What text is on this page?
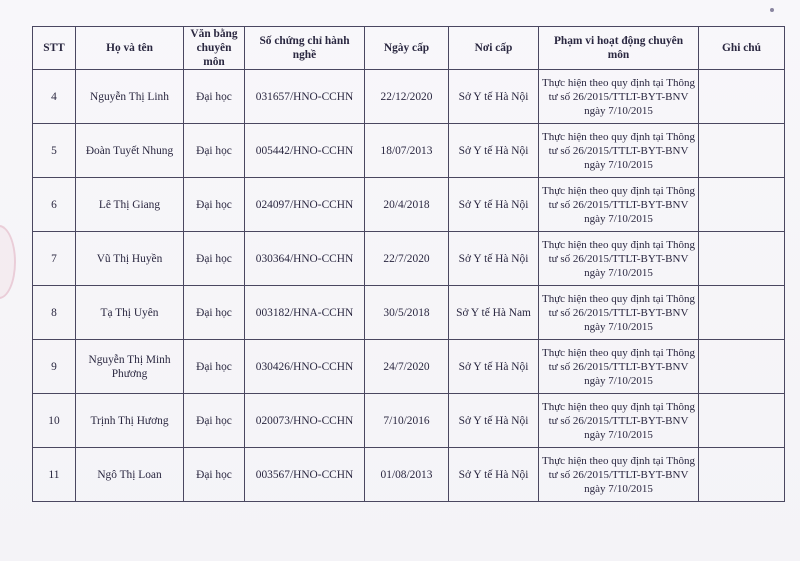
STT	Họ và tên	Văn bằng chuyên môn	Số chứng chỉ hành nghề	Ngày cấp	Nơi cấp	Phạm vi hoạt động chuyên môn	Ghi chú
4	Nguyễn Thị Linh	Đại học	031657/HNO-CCHN	22/12/2020	Sở Y tế Hà Nội	Thực hiện theo quy định tại Thông tư số 26/2015/TTLT-BYT-BNV ngày 7/10/2015	
5	Đoàn Tuyết Nhung	Đại học	005442/HNO-CCHN	18/07/2013	Sở Y tế Hà Nội	Thực hiện theo quy định tại Thông tư số 26/2015/TTLT-BYT-BNV ngày 7/10/2015	
6	Lê Thị Giang	Đại học	024097/HNO-CCHN	20/4/2018	Sở Y tế Hà Nội	Thực hiện theo quy định tại Thông tư số 26/2015/TTLT-BYT-BNV ngày 7/10/2015	
7	Vũ Thị Huyền	Đại học	030364/HNO-CCHN	22/7/2020	Sở Y tế Hà Nội	Thực hiện theo quy định tại Thông tư số 26/2015/TTLT-BYT-BNV ngày 7/10/2015	
8	Tạ Thị Uyên	Đại học	003182/HNA-CCHN	30/5/2018	Sở Y tế Hà Nam	Thực hiện theo quy định tại Thông tư số 26/2015/TTLT-BYT-BNV ngày 7/10/2015	
9	Nguyễn Thị Minh Phương	Đại học	030426/HNO-CCHN	24/7/2020	Sở Y tế Hà Nội	Thực hiện theo quy định tại Thông tư số 26/2015/TTLT-BYT-BNV ngày 7/10/2015	
10	Trịnh Thị Hương	Đại học	020073/HNO-CCHN	7/10/2016	Sở Y tế Hà Nội	Thực hiện theo quy định tại Thông tư số 26/2015/TTLT-BYT-BNV ngày 7/10/2015	
11	Ngô Thị Loan	Đại học	003567/HNO-CCHN	01/08/2013	Sở Y tế Hà Nội	Thực hiện theo quy định tại Thông tư số 26/2015/TTLT-BYT-BNV ngày 7/10/2015	
